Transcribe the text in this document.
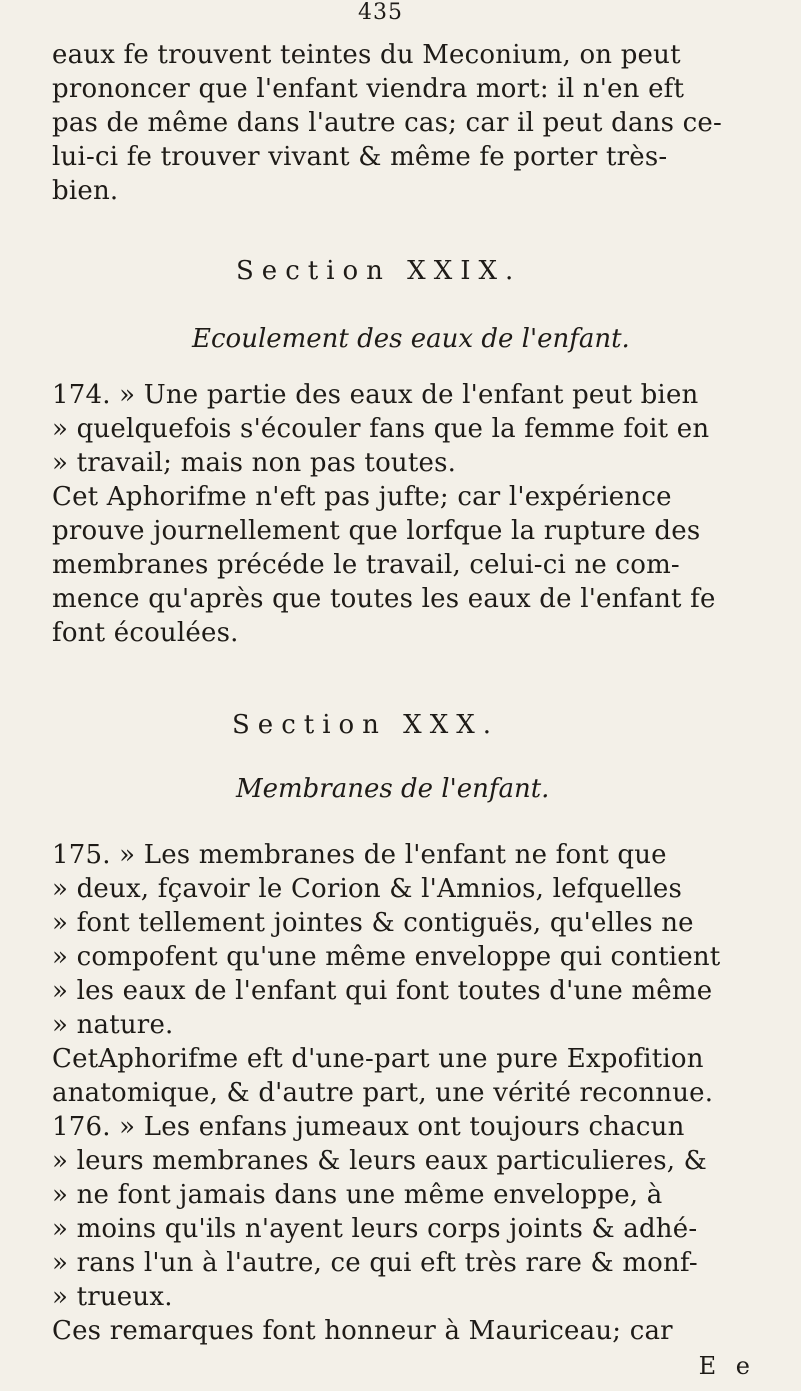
435
eaux fe trouvent teintes du Meconium, on peut
prononcer que l'enfant viendra mort: il n'en eft
pas de même dans l'autre cas; car il peut dans ce-
lui-ci fe trouver vivant & même fe porter très-
bien.
Section XXIX.
Ecoulement des eaux de l'enfant.
174. » Une partie des eaux de l'enfant peut bien
» quelquefois s'écouler fans que la femme foit en
» travail; mais non pas toutes.
Cet Aphorifme n'eft pas jufte; car l'expérience
prouve journellement que lorfque la rupture des
membranes précéde le travail, celui-ci ne com-
mence qu'après que toutes les eaux de l'enfant fe
font écoulées.
Section XXX.
Membranes de l'enfant.
175. » Les membranes de l'enfant ne font que
» deux, fçavoir le Corion & l'Amnios, lefquelles
» font tellement jointes & contiguës, qu'elles ne
» compofent qu'une même enveloppe qui contient
» les eaux de l'enfant qui font toutes d'une même
» nature.
CetAphorifme eft d'une-part une pure Expofition
anatomique, & d'autre part, une vérité reconnue.
176. » Les enfans jumeaux ont toujours chacun
» leurs membranes & leurs eaux particulieres, &
» ne font jamais dans une même enveloppe, à
» moins qu'ils n'ayent leurs corps joints & adhé-
» rans l'un à l'autre, ce qui eft très rare & monf-
» trueux.
Ces remarques font honneur à Mauriceau; car
E e
